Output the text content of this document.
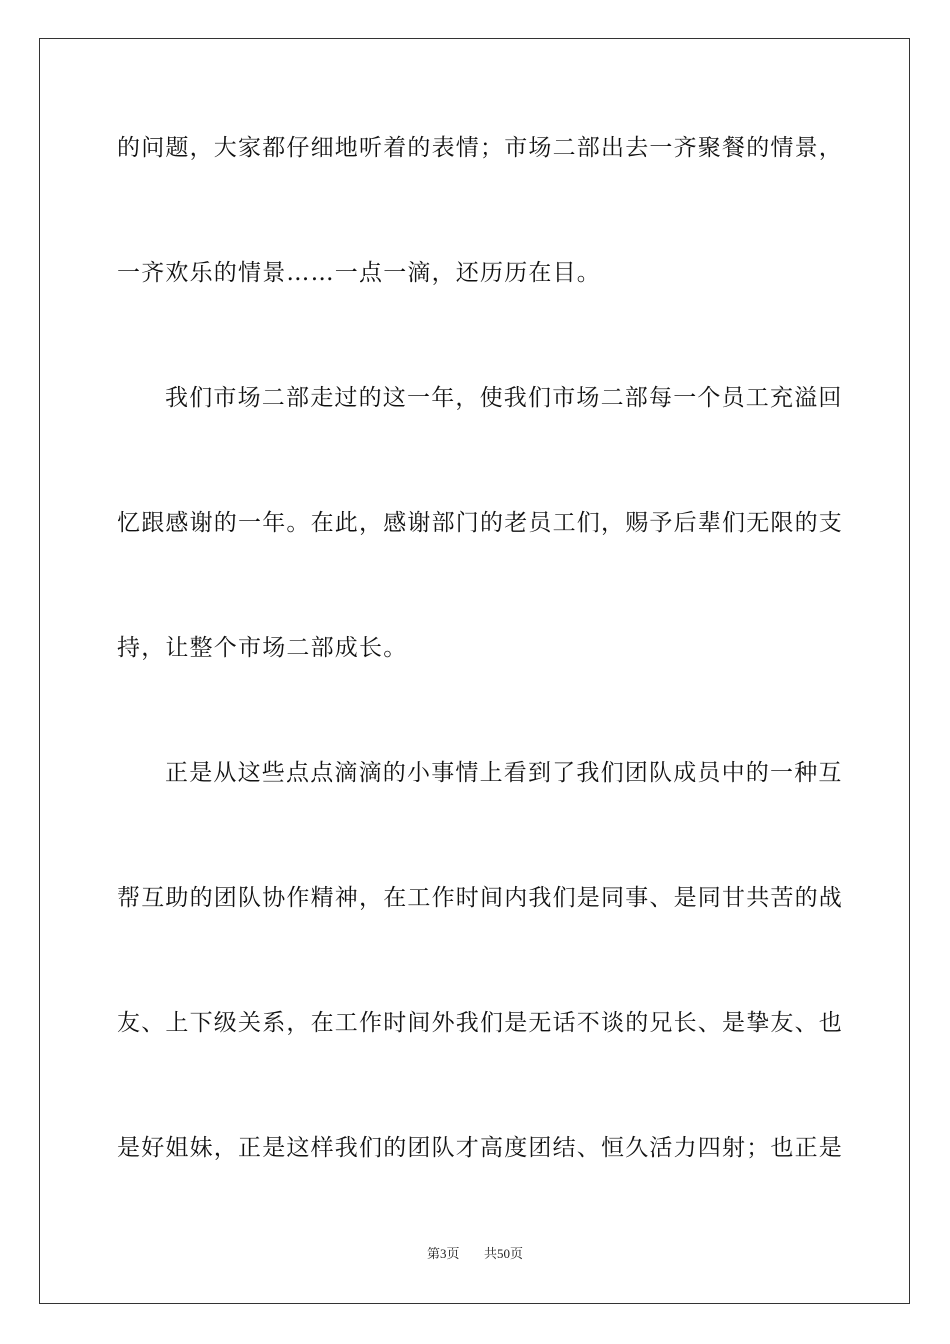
的问题，大家都仔细地听着的表情；市场二部出去一齐聚餐的情景，
一齐欢乐的情景……一点一滴，还历历在目。
我们市场二部走过的这一年，使我们市场二部每一个员工充溢回
忆跟感谢的一年。在此，感谢部门的老员工们，赐予后辈们无限的支
持，让整个市场二部成长。
正是从这些点点滴滴的小事情上看到了我们团队成员中的一种互
帮互助的团队协作精神，在工作时间内我们是同事、是同甘共苦的战
友、上下级关系，在工作时间外我们是无话不谈的兄长、是挚友、也
是好姐妹，正是这样我们的团队才高度团结、恒久活力四射；也正是
第3页 共50页
